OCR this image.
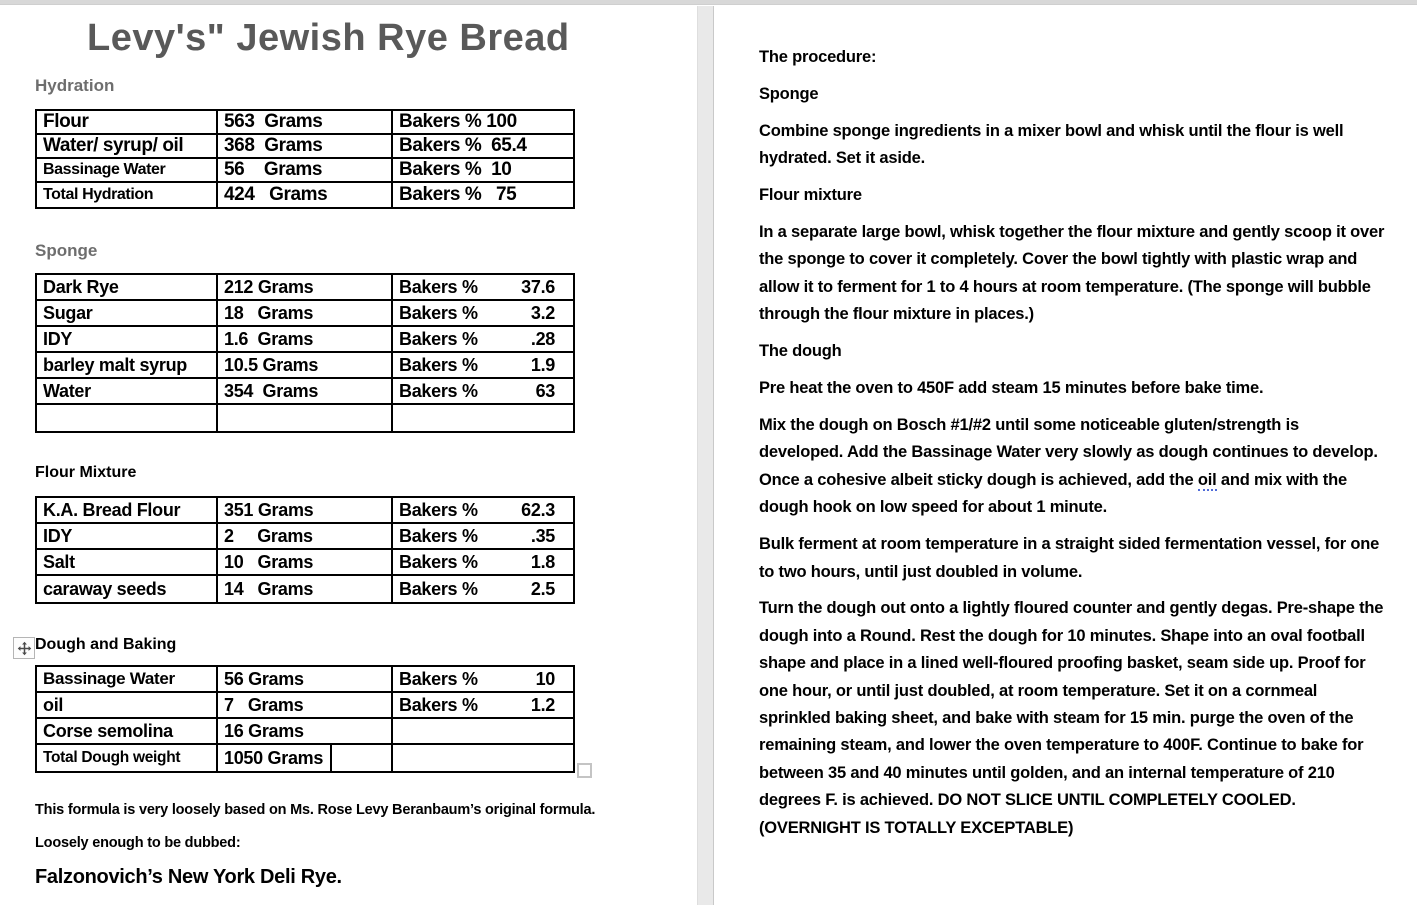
Levy's" Jewish Rye Bread
Hydration
Flour	563  Grams	Bakers % 100
Water/ syrup/ oil	368  Grams	Bakers %  65.4
Bassinage Water	56    Grams	Bakers %  10
Total Hydration	424   Grams	Bakers %   75
Sponge
Dark Rye	212 Grams	Bakers % 37.6
Sugar	18   Grams	Bakers %	3.2
IDY	1.6  Grams	Bakers %	.28
barley malt syrup	10.5 Grams	Bakers %	1.9
Water	354  Grams	Bakers %	63
Flour Mixture
K.A. Bread Flour	351 Grams	Bakers % 62.3
IDY	2     Grams	Bakers %	.35
Salt	10   Grams	Bakers %	1.8
caraway seeds	14   Grams	Bakers %	2.5
Dough and Baking
Bassinage Water	56 Grams	Bakers %	10
oil	7   Grams	Bakers %	1.2
Corse semolina	16 Grams
Total Dough weight	1050 Grams
This formula is very loosely based on Ms. Rose Levy Beranbaum’s original formula.
Loosely enough to be dubbed:
Falzonovich’s New York Deli Rye.

The procedure:

Sponge

Combine sponge ingredients in a mixer bowl and whisk until the flour is well hydrated. Set it aside.

Flour mixture

In a separate large bowl, whisk together the flour mixture and gently scoop it over the sponge to cover it completely. Cover the bowl tightly with plastic wrap and allow it to ferment for 1 to 4 hours at room temperature. (The sponge will bubble through the flour mixture in places.)

The dough

Pre heat the oven to 450F add steam 15 minutes before bake time.

Mix the dough on Bosch #1/#2 until some noticeable gluten/strength is developed. Add the Bassinage Water very slowly as dough continues to develop. Once a cohesive albeit sticky dough is achieved, add the oil and mix with the dough hook on low speed for about 1 minute.

Bulk ferment at room temperature in a straight sided fermentation vessel, for one to two hours, until just doubled in volume.

Turn the dough out onto a lightly floured counter and gently degas. Pre-shape the dough into a Round. Rest the dough for 10 minutes. Shape into an oval football shape and place in a lined well-floured proofing basket, seam side up. Proof for one hour, or until just doubled, at room temperature. Set it on a cornmeal sprinkled baking sheet, and bake with steam for 15 min. purge the oven of the remaining steam, and lower the oven temperature to 400F. Continue to bake for between 35 and 40 minutes until golden, and an internal temperature of 210 degrees F. is achieved. DO NOT SLICE UNTIL COMPLETELY COOLED. (OVERNIGHT IS TOTALLY EXCEPTABLE)
